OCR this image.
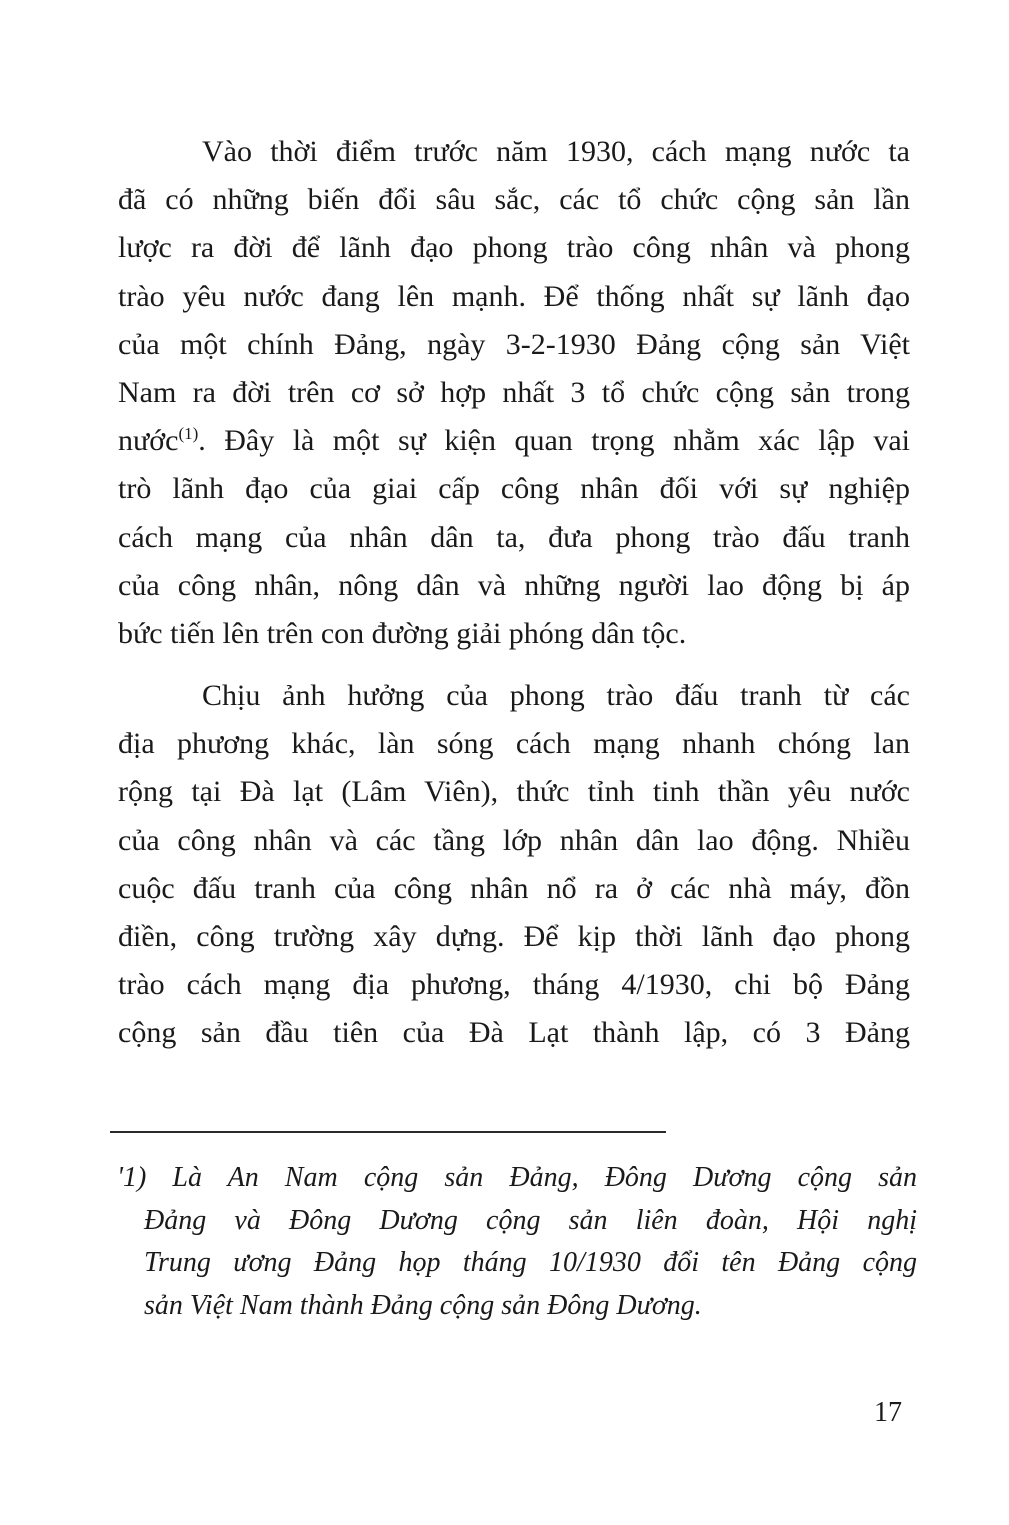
Vào thời điểm trước năm 1930, cách mạng nước ta
đã có những biến đổi sâu sắc, các tổ chức cộng sản lần
lược ra đời để lãnh đạo phong trào công nhân và phong
trào yêu nước đang lên mạnh. Để thống nhất sự lãnh đạo
của một chính Đảng, ngày 3-2-1930 Đảng cộng sản Việt
Nam ra đời trên cơ sở hợp nhất 3 tổ chức cộng sản trong
nước$^{(1)}$. Đây là một sự kiện quan trọng nhằm xác lập vai
trò lãnh đạo của giai cấp công nhân đối với sự nghiệp
cách mạng của nhân dân ta, đưa phong trào đấu tranh
của công nhân, nông dân và những người lao động bị áp
bức tiến lên trên con đường giải phóng dân tộc.
Chịu ảnh hưởng của phong trào đấu tranh từ các
địa phương khác, làn sóng cách mạng nhanh chóng lan
rộng tại Đà lạt (Lâm Viên), thức tỉnh tinh thần yêu nước
của công nhân và các tầng lớp nhân dân lao động. Nhiều
cuộc đấu tranh của công nhân nổ ra ở các nhà máy, đồn
điền, công trường xây dựng. Để kịp thời lãnh đạo phong
trào cách mạng địa phương, tháng 4/1930, chi bộ Đảng
cộng sản đầu tiên của Đà Lạt thành lập, có 3 Đảng
'1) Là An Nam cộng sản Đảng, Đông Dương cộng sản
Đảng và Đông Dương cộng sản liên đoàn, Hội nghị
Trung ương Đảng họp tháng 10/1930 đổi tên Đảng cộng
sản Việt Nam thành Đảng cộng sản Đông Dương.
17
